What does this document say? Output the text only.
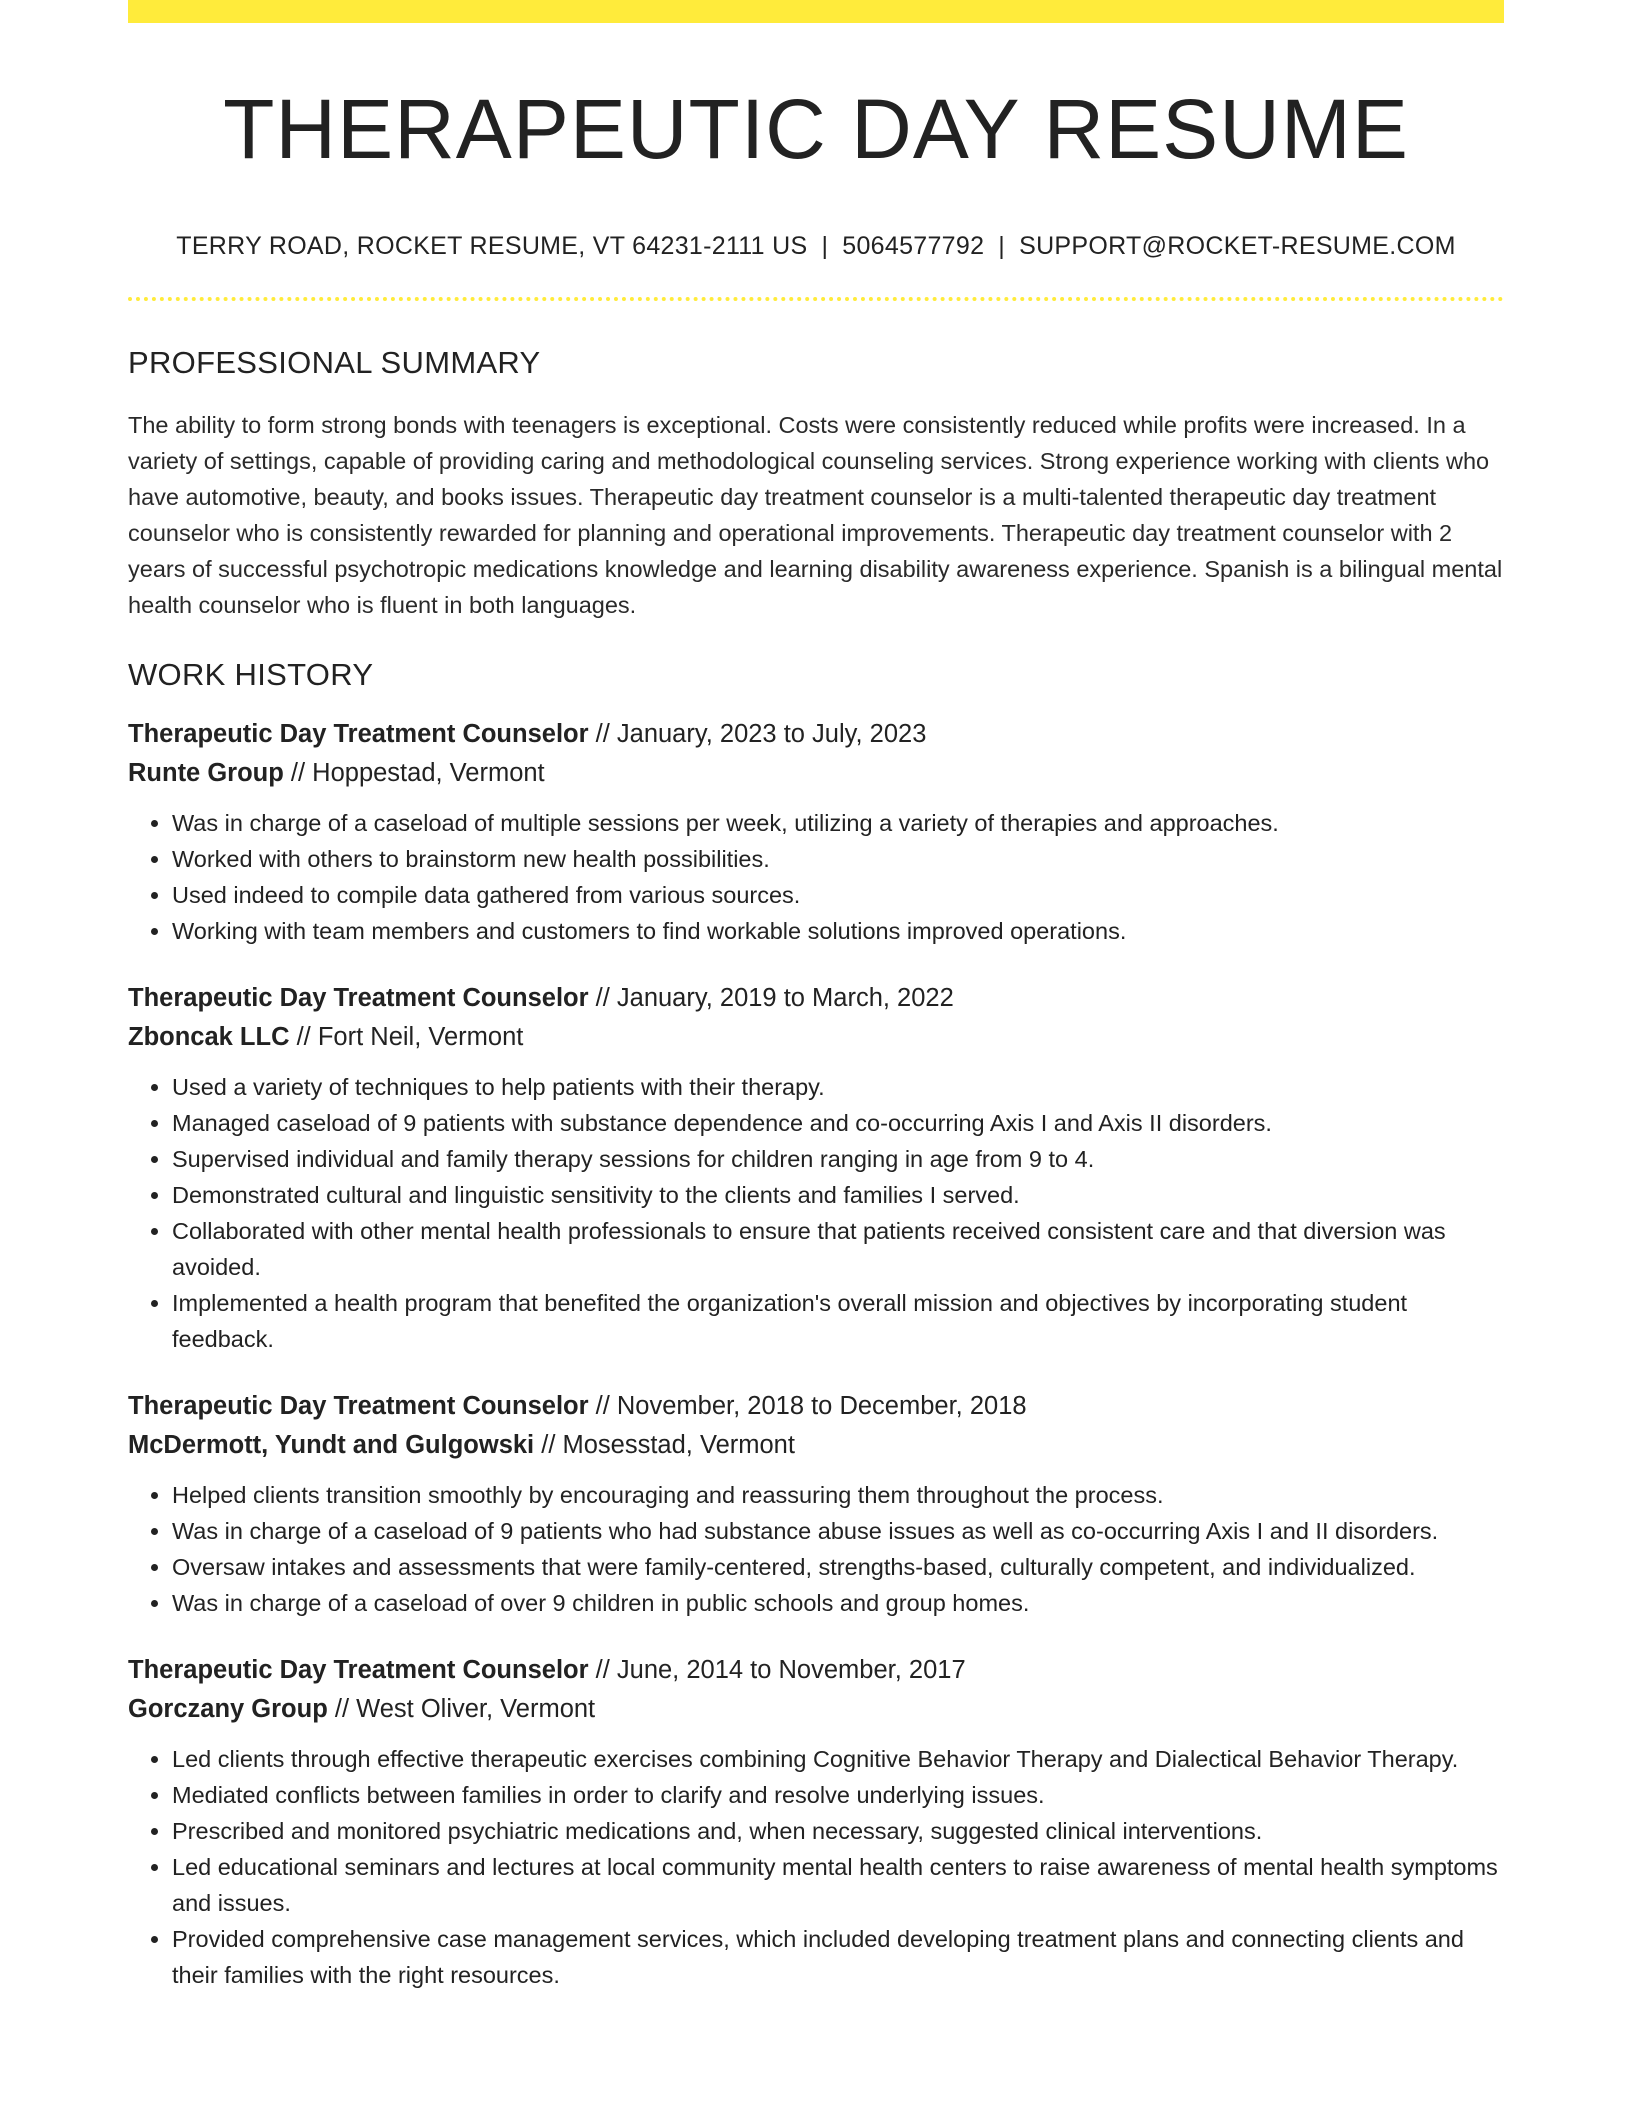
THERAPEUTIC DAY RESUME
TERRY ROAD, ROCKET RESUME, VT 64231-2111 US | 5064577792 | SUPPORT@ROCKET-RESUME.COM
PROFESSIONAL SUMMARY

The ability to form strong bonds with teenagers is exceptional. Costs were consistently reduced while profits were increased. In a variety of settings, capable of providing caring and methodological counseling services. Strong experience working with clients who have automotive, beauty, and books issues. Therapeutic day treatment counselor is a multi-talented therapeutic day treatment counselor who is consistently rewarded for planning and operational improvements. Therapeutic day treatment counselor with 2 years of successful psychotropic medications knowledge and learning disability awareness experience. Spanish is a bilingual mental health counselor who is fluent in both languages.

WORK HISTORY
Therapeutic Day Treatment Counselor // January, 2023 to July, 2023
Runte Group // Hoppestad, Vermont
• Was in charge of a caseload of multiple sessions per week, utilizing a variety of therapies and approaches.
• Worked with others to brainstorm new health possibilities.
• Used indeed to compile data gathered from various sources.
• Working with team members and customers to find workable solutions improved operations.
Therapeutic Day Treatment Counselor // January, 2019 to March, 2022
Zboncak LLC // Fort Neil, Vermont
• Used a variety of techniques to help patients with their therapy.
• Managed caseload of 9 patients with substance dependence and co-occurring Axis I and Axis II disorders.
• Supervised individual and family therapy sessions for children ranging in age from 9 to 4.
• Demonstrated cultural and linguistic sensitivity to the clients and families I served.
• Collaborated with other mental health professionals to ensure that patients received consistent care and that diversion was avoided.
• Implemented a health program that benefited the organization's overall mission and objectives by incorporating student feedback.
Therapeutic Day Treatment Counselor // November, 2018 to December, 2018
McDermott, Yundt and Gulgowski // Mosesstad, Vermont
• Helped clients transition smoothly by encouraging and reassuring them throughout the process.
• Was in charge of a caseload of 9 patients who had substance abuse issues as well as co-occurring Axis I and II disorders.
• Oversaw intakes and assessments that were family-centered, strengths-based, culturally competent, and individualized.
• Was in charge of a caseload of over 9 children in public schools and group homes.
Therapeutic Day Treatment Counselor // June, 2014 to November, 2017
Gorczany Group // West Oliver, Vermont
• Led clients through effective therapeutic exercises combining Cognitive Behavior Therapy and Dialectical Behavior Therapy.
• Mediated conflicts between families in order to clarify and resolve underlying issues.
• Prescribed and monitored psychiatric medications and, when necessary, suggested clinical interventions.
• Led educational seminars and lectures at local community mental health centers to raise awareness of mental health symptoms and issues.
• Provided comprehensive case management services, which included developing treatment plans and connecting clients and their families with the right resources.
